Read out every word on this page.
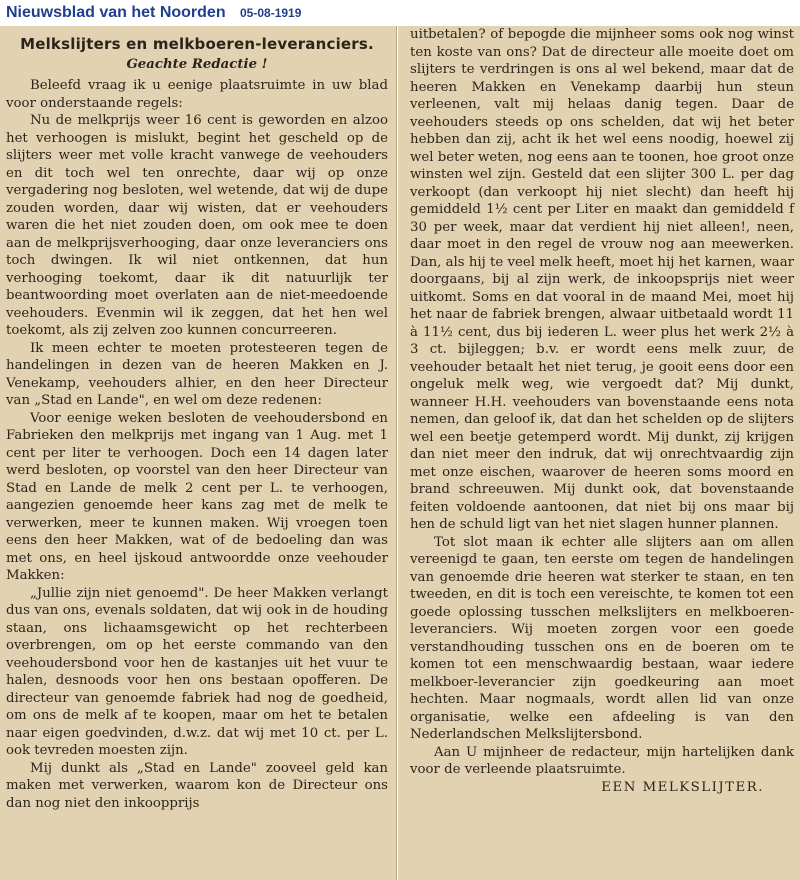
Nieuwsblad van het Noorden 05-08-1919
Melkslijters en melkboeren-leveranciers.
Geachte Redactie !

Beleefd vraag ik u eenige plaatsruimte in uw blad voor onderstaande regels:

Nu de melkprijs weer 16 cent is geworden en alzoo het verhoogen is mislukt, begint het gescheld op de slijters weer met volle kracht vanwege de veehouders en dit toch wel ten onrechte, daar wij op onze vergadering nog besloten, wel wetende, dat wij de dupe zouden worden, daar wij wisten, dat er veehouders waren die het niet zouden doen, om ook mee te doen aan de melkprijsverhooging, daar onze leveranciers ons toch dwingen. Ik wil niet ontkennen, dat hun verhooging toekomt, daar ik dit natuurlijk ter beantwoording moet overlaten aan de niet-meedoende veehouders. Evenmin wil ik zeggen, dat het hen wel toekomt, als zij zelven zoo kunnen concurreeren.

Ik meen echter te moeten protesteeren tegen de handelingen in dezen van de heeren Makken en J. Venekamp, veehouders alhier, en den heer Directeur van „Stad en Lande", en wel om deze redenen:

Voor eenige weken besloten de veehoudersbond en Fabrieken den melkprijs met ingang van 1 Aug. met 1 cent per liter te verhoogen. Doch een 14 dagen later werd besloten, op voorstel van den heer Directeur van Stad en Lande de melk 2 cent per L. te verhoogen, aangezien genoemde heer kans zag met de melk te verwerken, meer te kunnen maken. Wij vroegen toen eens den heer Makken, wat of de bedoeling dan was met ons, en heel ijskoud antwoordde onze veehouder Makken:

„Jullie zijn niet genoemd". De heer Makken verlangt dus van ons, evenals soldaten, dat wij ook in de houding staan, ons lichaamsgewicht op het rechterbeen overbrengen, om op het eerste commando van den veehoudersbond voor hen de kastanjes uit het vuur te halen, desnoods voor hen ons bestaan opofferen. De directeur van genoemde fabriek had nog de goedheid, om ons de melk af te koopen, maar om het te betalen naar eigen goedvinden, d.w.z. dat wij met 10 ct. per L. ook tevreden moesten zijn.

Mij dunkt als „Stad en Lande" zooveel geld kan maken met verwerken, waarom kon de Directeur ons dan nog niet den inkoopprijs

uitbetalen? of bepogde die mijnheer soms ook nog winst ten koste van ons? Dat de directeur alle moeite doet om slijters te verdringen is ons al wel bekend, maar dat de heeren Makken en Venekamp daarbij hun steun verleenen, valt mij helaas danig tegen. Daar de veehouders steeds op ons schelden, dat wij het beter hebben dan zij, acht ik het wel eens noodig, hoewel zij wel beter weten, nog eens aan te toonen, hoe groot onze winsten wel zijn. Gesteld dat een slijter 300 L. per dag verkoopt (dan verkoopt hij niet slecht) dan heeft hij gemiddeld 1½ cent per Liter en maakt dan gemiddeld f 30 per week, maar dat verdient hij niet alleen!, neen, daar moet in den regel de vrouw nog aan meewerken. Dan, als hij te veel melk heeft, moet hij het karnen, waar doorgaans, bij al zijn werk, de inkoopsprijs niet weer uitkomt. Soms en dat vooral in de maand Mei, moet hij het naar de fabriek brengen, alwaar uitbetaald wordt 11 à 11½ cent, dus bij iederen L. weer plus het werk 2½ à 3 ct. bijleggen; b.v. er wordt eens melk zuur, de veehouder betaalt het niet terug, je gooit eens door een ongeluk melk weg, wie vergoedt dat? Mij dunkt, wanneer H.H. veehouders van bovenstaande eens nota nemen, dan geloof ik, dat dan het schelden op de slijters wel een beetje getemperd wordt. Mij dunkt, zij krijgen dan niet meer den indruk, dat wij onrechtvaardig zijn met onze eischen, waarover de heeren soms moord en brand schreeuwen. Mij dunkt ook, dat bovenstaande feiten voldoende aantoonen, dat niet bij ons maar bij hen de schuld ligt van het niet slagen hunner plannen.

Tot slot maan ik echter alle slijters aan om allen vereenigd te gaan, ten eerste om tegen de handelingen van genoemde drie heeren wat sterker te staan, en ten tweeden, en dit is toch een vereischte, te komen tot een goede oplossing tusschen melkslijters en melkboeren-leveranciers. Wij moeten zorgen voor een goede verstandhouding tusschen ons en de boeren om te komen tot een menschwaardig bestaan, waar iedere melkboer-leverancier zijn goedkeuring aan moet hechten. Maar nogmaals, wordt allen lid van onze organisatie, welke een afdeeling is van den Nederlandschen Melkslijtersbond.

Aan U mijnheer de redacteur, mijn hartelijken dank voor de verleende plaatsruimte.

EEN MELKSLIJTER.
